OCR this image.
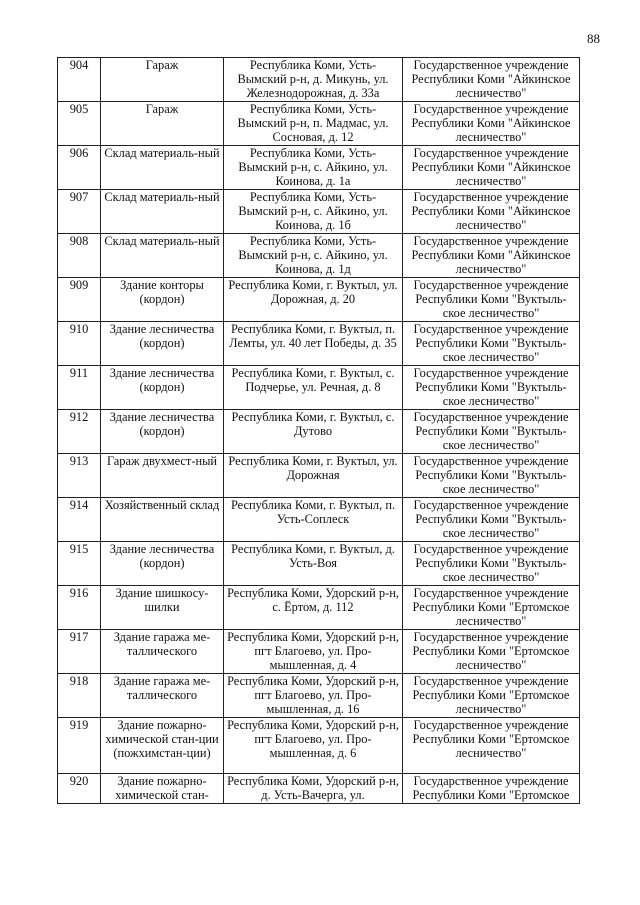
88
904	Гараж	Республика Коми, Усть-Вымский р-н, д. Микунь, ул. Железнодорожная, д. 33а	Государственное учреждение Республики Коми "Айкинское лесничество"
905	Гараж	Республика Коми, Усть-Вымский р-н, п. Мадмас, ул. Сосновая, д. 12	Государственное учреждение Республики Коми "Айкинское лесничество"
906	Склад материаль-ный	Республика Коми, Усть-Вымский р-н, с. Айкино, ул. Коинова, д. 1а	Государственное учреждение Республики Коми "Айкинское лесничество"
907	Склад материаль-ный	Республика Коми, Усть-Вымский р-н, с. Айкино, ул. Коинова, д. 1б	Государственное учреждение Республики Коми "Айкинское лесничество"
908	Склад материаль-ный	Республика Коми, Усть-Вымский р-н, с. Айкино, ул. Коинова, д. 1д	Государственное учреждение Республики Коми "Айкинское лесничество"
909	Здание конторы (кордон)	Республика Коми, г. Вуктыл, ул. Дорожная, д. 20	Государственное учреждение Республики Коми "Вуктыль-ское лесничество"
910	Здание лесничества (кордон)	Республика Коми, г. Вуктыл, п. Лемты, ул. 40 лет Победы, д. 35	Государственное учреждение Республики Коми "Вуктыль-ское лесничество"
911	Здание лесничества (кордон)	Республика Коми, г. Вуктыл, с. Подчерье, ул. Речная, д. 8	Государственное учреждение Республики Коми "Вуктыль-ское лесничество"
912	Здание лесничества (кордон)	Республика Коми, г. Вуктыл, с. Дутово	Государственное учреждение Республики Коми "Вуктыль-ское лесничество"
913	Гараж двухмест-ный	Республика Коми, г. Вуктыл, ул. Дорожная	Государственное учреждение Республики Коми "Вуктыль-ское лесничество"
914	Хозяйственный склад	Республика Коми, г. Вуктыл, п. Усть-Соплеск	Государственное учреждение Республики Коми "Вуктыль-ское лесничество"
915	Здание лесничества (кордон)	Республика Коми, г. Вуктыл, д. Усть-Воя	Государственное учреждение Республики Коми "Вуктыль-ское лесничество"
916	Здание шишкосу-шилки	Республика Коми, Удорский р-н, с. Ёртом, д. 112	Государственное учреждение Республики Коми "Ертомское лесничество"
917	Здание гаража ме-таллического	Республика Коми, Удорский р-н, пгт Благоево, ул. Про-мышленная, д. 4	Государственное учреждение Республики Коми "Ертомское лесничество"
918	Здание гаража ме-таллического	Республика Коми, Удорский р-н, пгт Благоево, ул. Про-мышленная, д. 16	Государственное учреждение Республики Коми "Ертомское лесничество"
919	Здание пожарно-химической стан-ции (пожхимстан-ции)	Республика Коми, Удорский р-н, пгт Благоево, ул. Про-мышленная, д. 6	Государственное учреждение Республики Коми "Ертомское лесничество"
920	Здание пожарно-химической стан-	Республика Коми, Удорский р-н, д. Усть-Вачерга, ул.	Государственное учреждение Республики Коми "Ертомское
